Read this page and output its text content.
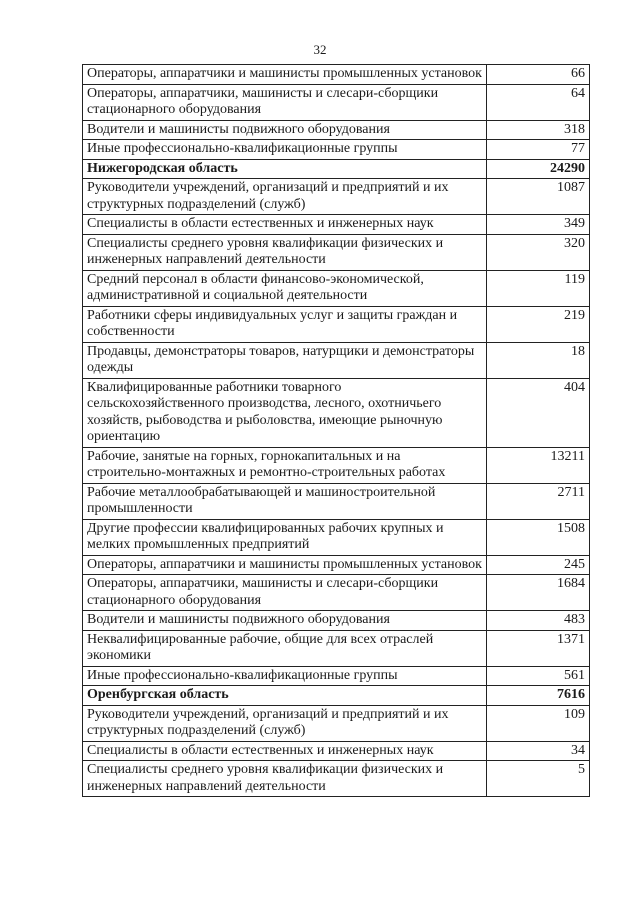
32
Операторы, аппаратчики и машинисты промышленных установок	66
Операторы, аппаратчики, машинисты и слесари-сборщики стационарного оборудования	64
Водители и машинисты подвижного оборудования	318
Иные профессионально-квалификационные группы	77
Нижегородская область	24290
Руководители учреждений, организаций и предприятий и их структурных подразделений (служб)	1087
Специалисты в области естественных и инженерных наук	349
Специалисты среднего уровня квалификации физических и инженерных направлений деятельности	320
Средний персонал в области финансово-экономической, административной и социальной деятельности	119
Работники сферы индивидуальных услуг и защиты граждан и собственности	219
Продавцы, демонстраторы товаров, натурщики и демонстраторы одежды	18
Квалифицированные работники товарного сельскохозяйственного производства, лесного, охотничьего хозяйств, рыбоводства и рыболовства, имеющие рыночную ориентацию	404
Рабочие, занятые на горных, горнокапитальных и на строительно-монтажных и ремонтно-строительных работах	13211
Рабочие металлообрабатывающей и машиностроительной промышленности	2711
Другие профессии квалифицированных рабочих крупных и мелких промышленных предприятий	1508
Операторы, аппаратчики и машинисты промышленных установок	245
Операторы, аппаратчики, машинисты и слесари-сборщики стационарного оборудования	1684
Водители и машинисты подвижного оборудования	483
Неквалифицированные рабочие, общие для всех отраслей экономики	1371
Иные профессионально-квалификационные группы	561
Оренбургская область	7616
Руководители учреждений, организаций и предприятий и их структурных подразделений (служб)	109
Специалисты в области естественных и инженерных наук	34
Специалисты среднего уровня квалификации физических и инженерных направлений деятельности	5
